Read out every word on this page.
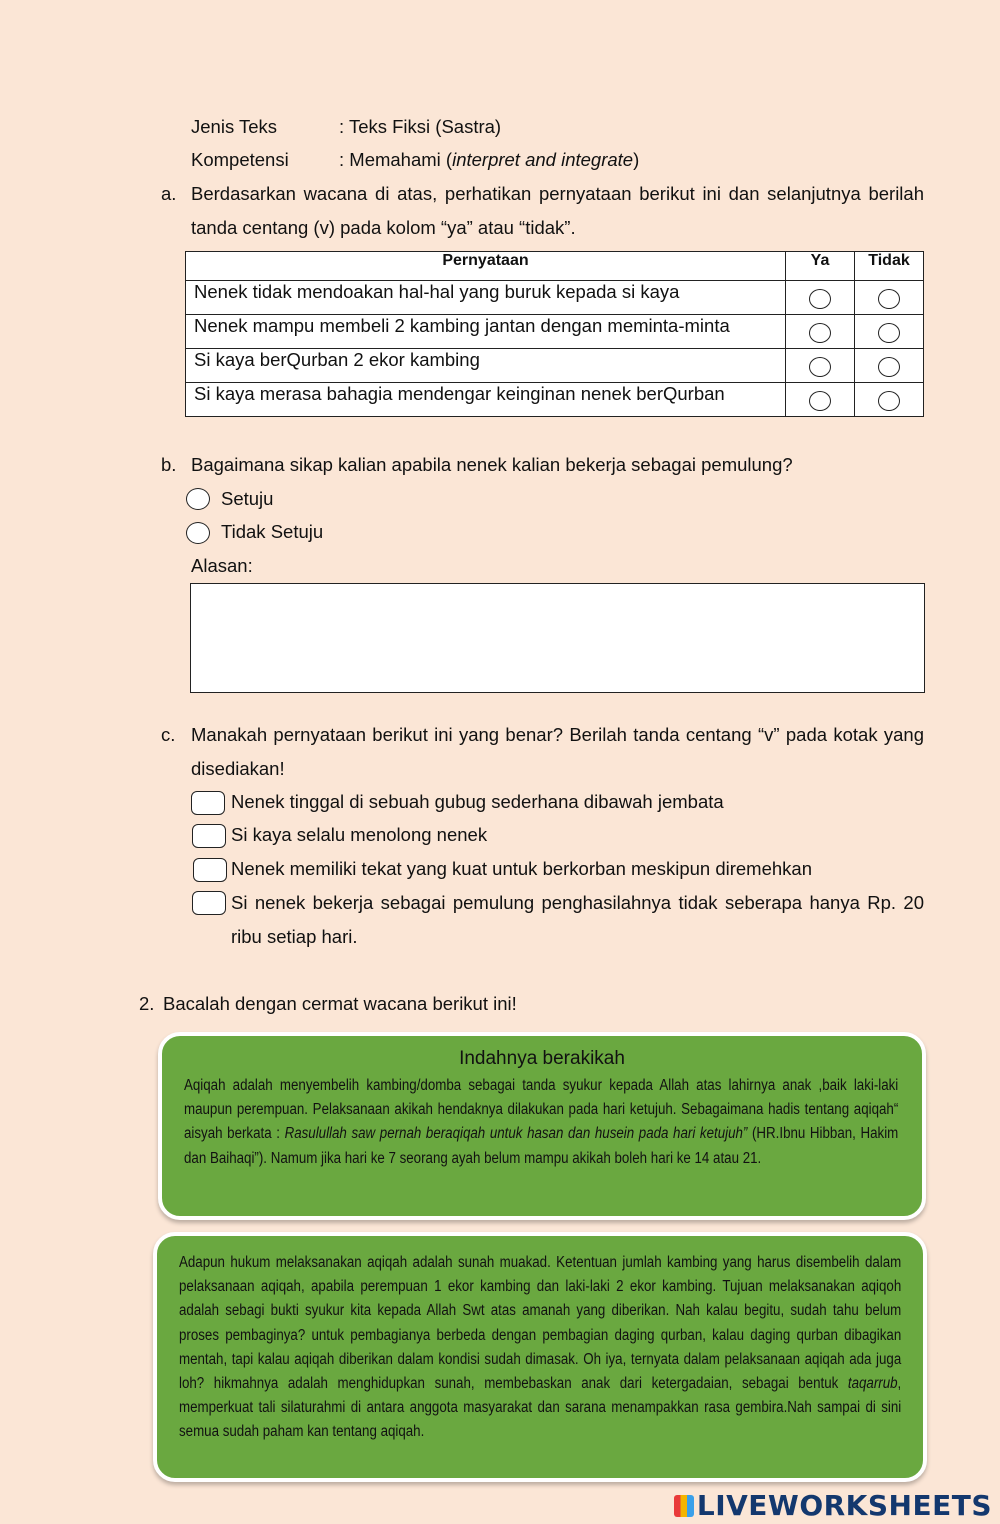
Jenis Teks	: Teks Fiksi (Sastra)
Kompetensi	: Memahami (interpret and integrate)
a. Berdasarkan wacana di atas, perhatikan pernyataan berikut ini dan selanjutnya berilah tanda centang (v) pada kolom “ya” atau “tidak”.
Pernyataan	Ya	Tidak
Nenek tidak mendoakan hal-hal yang buruk kepada si kaya		
Nenek mampu membeli 2 kambing jantan dengan meminta-minta		
Si kaya berQurban 2 ekor kambing		
Si kaya merasa bahagia mendengar keinginan nenek berQurban		
b. Bagaimana sikap kalian apabila nenek kalian bekerja sebagai pemulung?
Setuju
Tidak Setuju
Alasan:
c. Manakah pernyataan berikut ini yang benar? Berilah tanda centang “v” pada kotak yang disediakan!
Nenek tinggal di sebuah gubug sederhana dibawah jembata
Si kaya selalu menolong nenek
Nenek memiliki tekat yang kuat untuk berkorban meskipun diremehkan
Si nenek bekerja sebagai pemulung penghasilahnya tidak seberapa hanya Rp. 20 ribu setiap hari.
2. Bacalah dengan cermat wacana berikut ini!
Indahnya berakikah

Aqiqah adalah menyembelih kambing/domba sebagai tanda syukur kepada Allah atas lahirnya anak ,baik laki-laki maupun perempuan. Pelaksanaan akikah hendaknya dilakukan pada hari ketujuh. Sebagaimana hadis tentang aqiqah“ aisyah berkata : Rasulullah saw pernah beraqiqah untuk hasan dan husein pada hari ketujuh” (HR.Ibnu Hibban, Hakim dan Baihaqi”). Namum jika hari ke 7 seorang ayah belum mampu akikah boleh hari ke 14 atau 21.

Adapun hukum melaksanakan aqiqah adalah sunah muakad. Ketentuan jumlah kambing yang harus disembelih dalam pelaksanaan aqiqah, apabila perempuan 1 ekor kambing dan laki-laki 2 ekor kambing. Tujuan melaksanakan aqiqoh adalah sebagi bukti syukur kita kepada Allah Swt atas amanah yang diberikan. Nah kalau begitu, sudah tahu belum proses pembaginya? untuk pembagianya berbeda dengan pembagian daging qurban, kalau daging qurban dibagikan mentah, tapi kalau aqiqah diberikan dalam kondisi sudah dimasak. Oh iya, ternyata dalam pelaksanaan aqiqah ada juga loh? hikmahnya adalah menghidupkan sunah, membebaskan anak dari ketergadaian, sebagai bentuk taqarrub, memperkuat tali silaturahmi di antara anggota masyarakat dan sarana menampakkan rasa gembira.Nah sampai di sini semua sudah paham kan tentang aqiqah.

LIVEWORKSHEETS
